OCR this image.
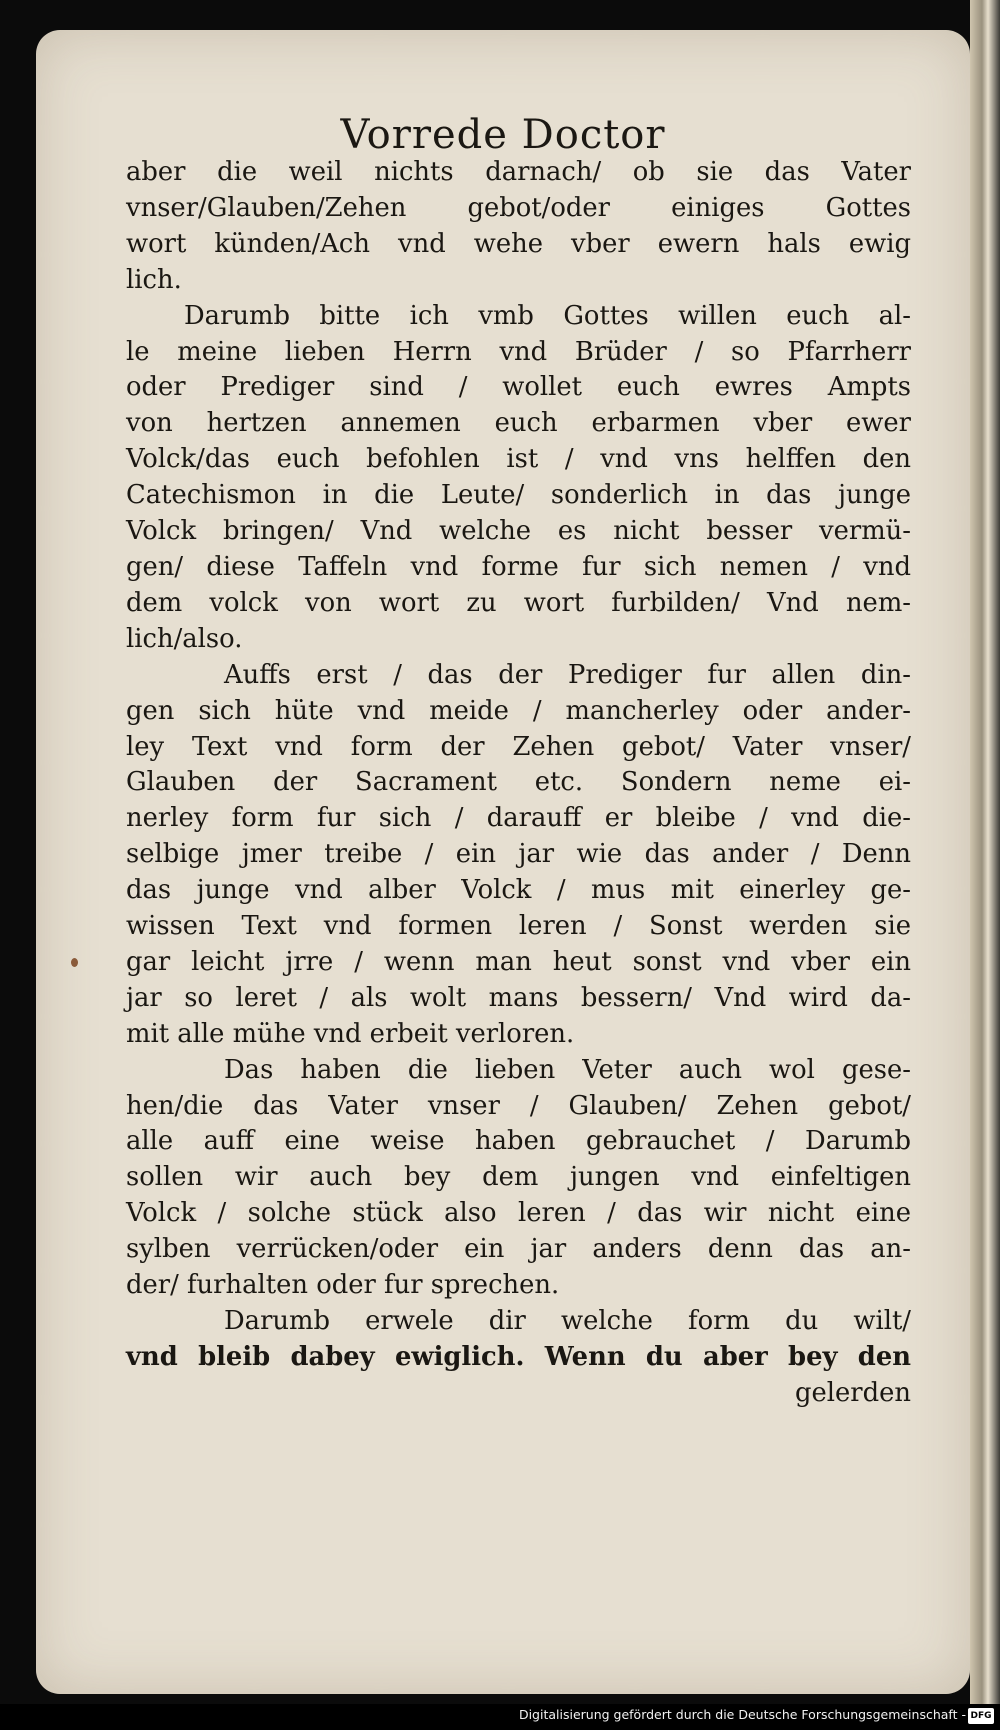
Vorrede Doctor
aber die weil nichts darnach/ ob sie das Vater
vnser/Glauben/Zehen gebot/oder einiges Gottes
wort künden/Ach vnd wehe vber ewern hals ewig
lich.
Darumb bitte ich vmb Gottes willen euch al-
le meine lieben Herrn vnd Brüder / so Pfarrherr
oder Prediger sind / wollet euch ewres Ampts
von hertzen annemen euch erbarmen vber ewer
Volck/das euch befohlen ist / vnd vns helffen den
Catechismon in die Leute/ sonderlich in das junge
Volck bringen/ Vnd welche es nicht besser vermü-
gen/ diese Taffeln vnd forme fur sich nemen / vnd
dem volck von wort zu wort furbilden/ Vnd nem-
lich/also.
Auffs erst / das der Prediger fur allen din-
gen sich hüte vnd meide / mancherley oder ander-
ley Text vnd form der Zehen gebot/ Vater vnser/
Glauben der Sacrament etc. Sondern neme ei-
nerley form fur sich / darauff er bleibe / vnd die-
selbige jmer treibe / ein jar wie das ander / Denn
das junge vnd alber Volck / mus mit einerley ge-
wissen Text vnd formen leren / Sonst werden sie
gar leicht jrre / wenn man heut sonst vnd vber ein
jar so leret / als wolt mans bessern/ Vnd wird da-
mit alle mühe vnd erbeit verloren.
Das haben die lieben Veter auch wol gese-
hen/die das Vater vnser / Glauben/ Zehen gebot/
alle auff eine weise haben gebrauchet / Darumb
sollen wir auch bey dem jungen vnd einfeltigen
Volck / solche stück also leren / das wir nicht eine
sylben verrücken/oder ein jar anders denn das an-
der/ furhalten oder fur sprechen.
Darumb erwele dir welche form du wilt/
vnd bleib dabey ewiglich. Wenn du aber bey den
gelerden
Digitalisierung gefördert durch die Deutsche Forschungsgemeinschaft - DFG
